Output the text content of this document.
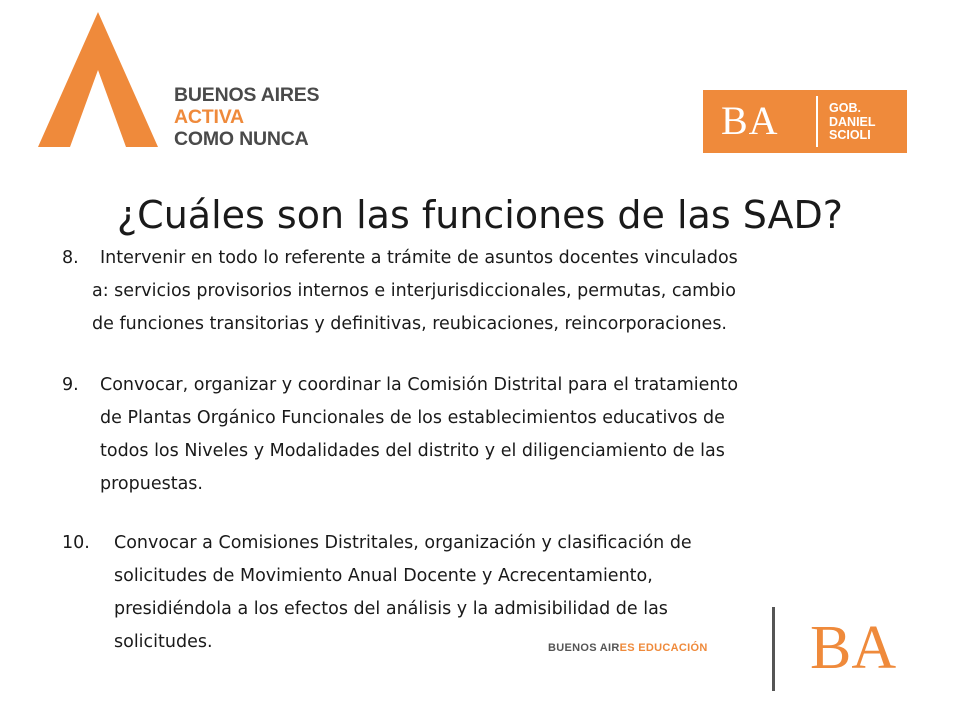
BUENOS AIRES
ACTIVA
COMO NUNCA	BA	GOB.
DANIEL
SCIOLI
¿Cuáles son las funciones de las SAD?
8. Intervenir en todo lo referente a trámite de asuntos docentes vinculados
a: servicios provisorios internos e interjurisdiccionales, permutas, cambio
de funciones transitorias y definitivas, reubicaciones, reincorporaciones.
9.	Convocar, organizar y coordinar la Comisión Distrital para el tratamiento
de Plantas Orgánico Funcionales de los establecimientos educativos de
todos los Niveles y Modalidades del distrito y el diligenciamiento de las
propuestas.
10.	Convocar a Comisiones Distritales, organización y clasificación de
solicitudes de Movimiento Anual Docente y Acrecentamiento,
presidiéndola a los efectos del análisis y la admisibilidad de las
solicitudes.	BUENOS AIRES EDUCACIÓN BA
